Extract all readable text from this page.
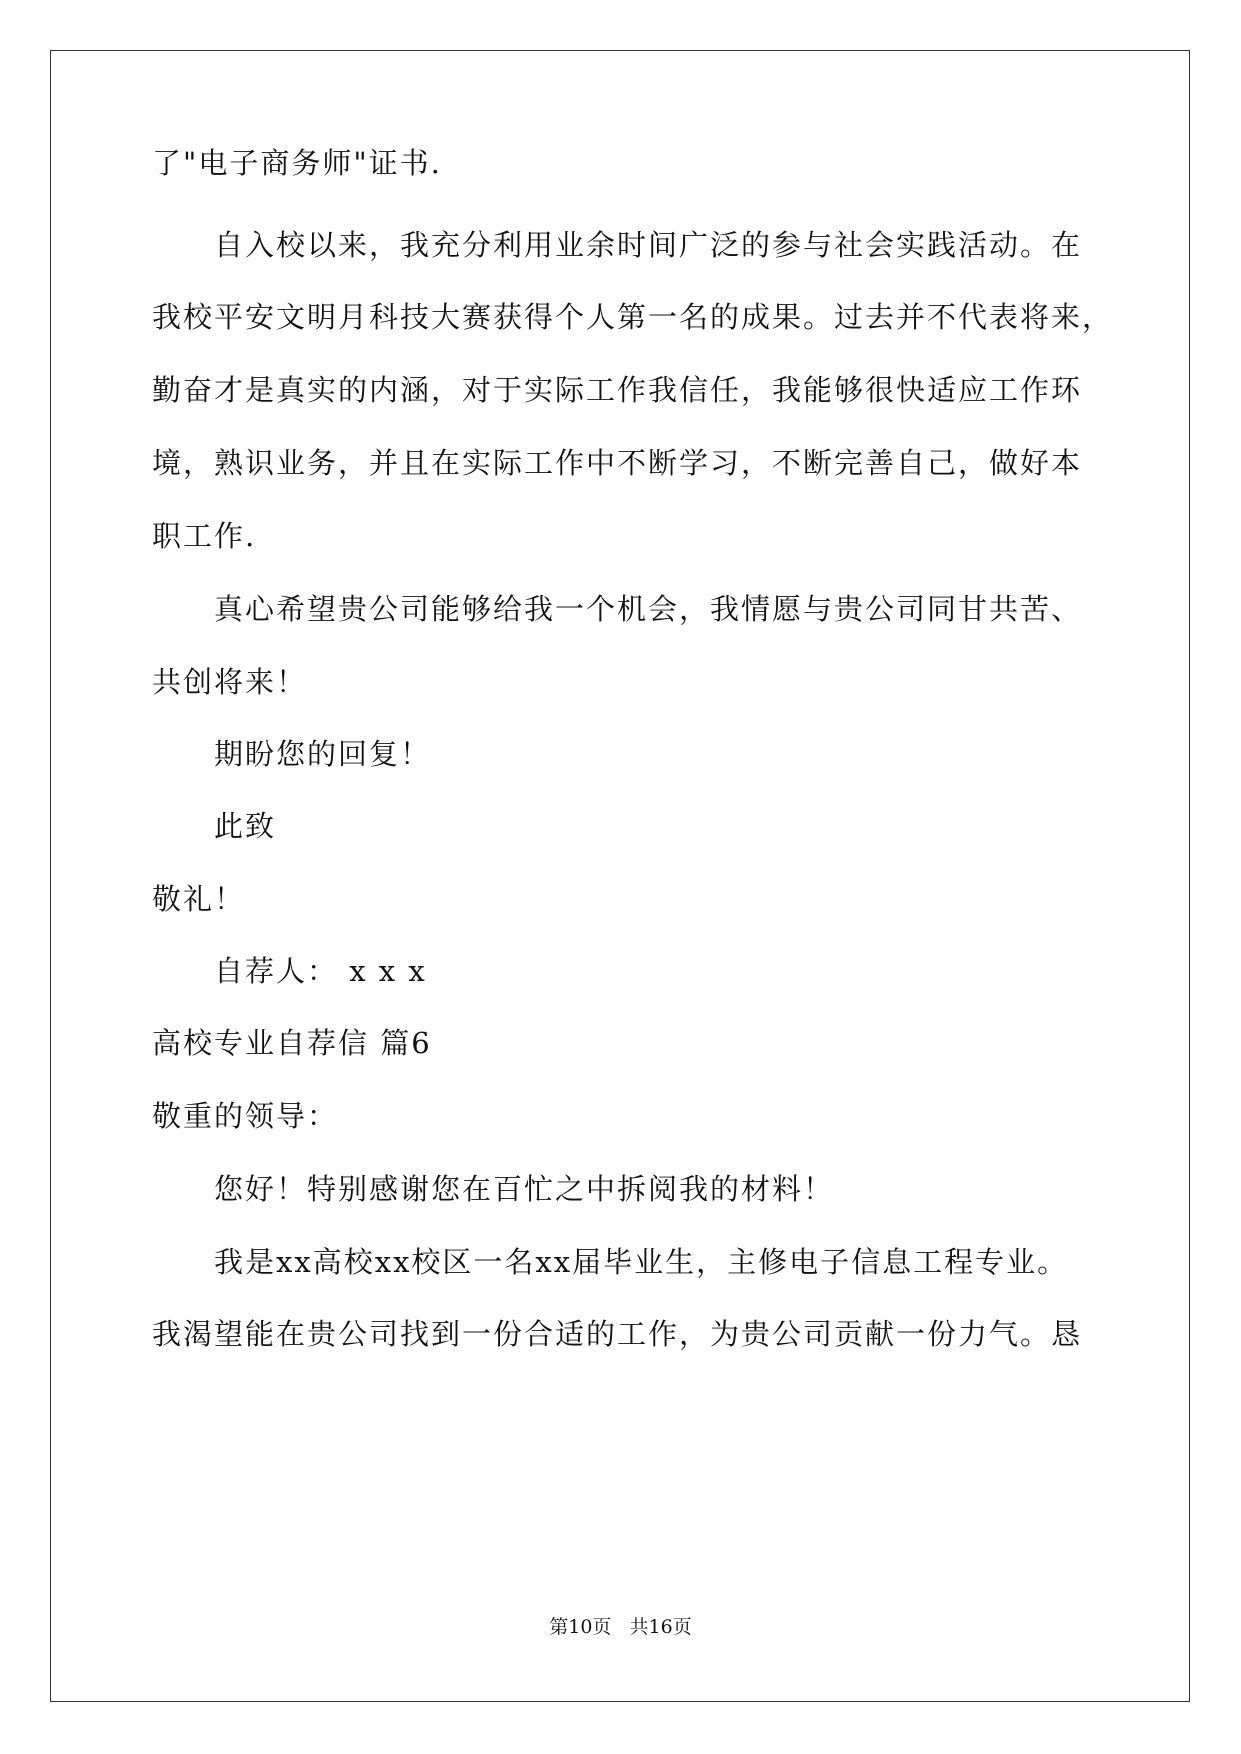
了"电子商务师"证书.
自入校以来，我充分利用业余时间广泛的参与社会实践活动。在
我校平安文明月科技大赛获得个人第一名的成果。过去并不代表将来，
勤奋才是真实的内涵，对于实际工作我信任，我能够很快适应工作环
境，熟识业务，并且在实际工作中不断学习，不断完善自己，做好本
职工作.
真心希望贵公司能够给我一个机会，我情愿与贵公司同甘共苦、
共创将来！
期盼您的回复！
此致
敬礼！
自荐人： x x x
高校专业自荐信 篇6
敬重的领导：
您好！特别感谢您在百忙之中拆阅我的材料！
我是xx高校xx校区一名xx届毕业生，主修电子信息工程专业。
我渴望能在贵公司找到一份合适的工作，为贵公司贡献一份力气。恳
第10页   共16页
